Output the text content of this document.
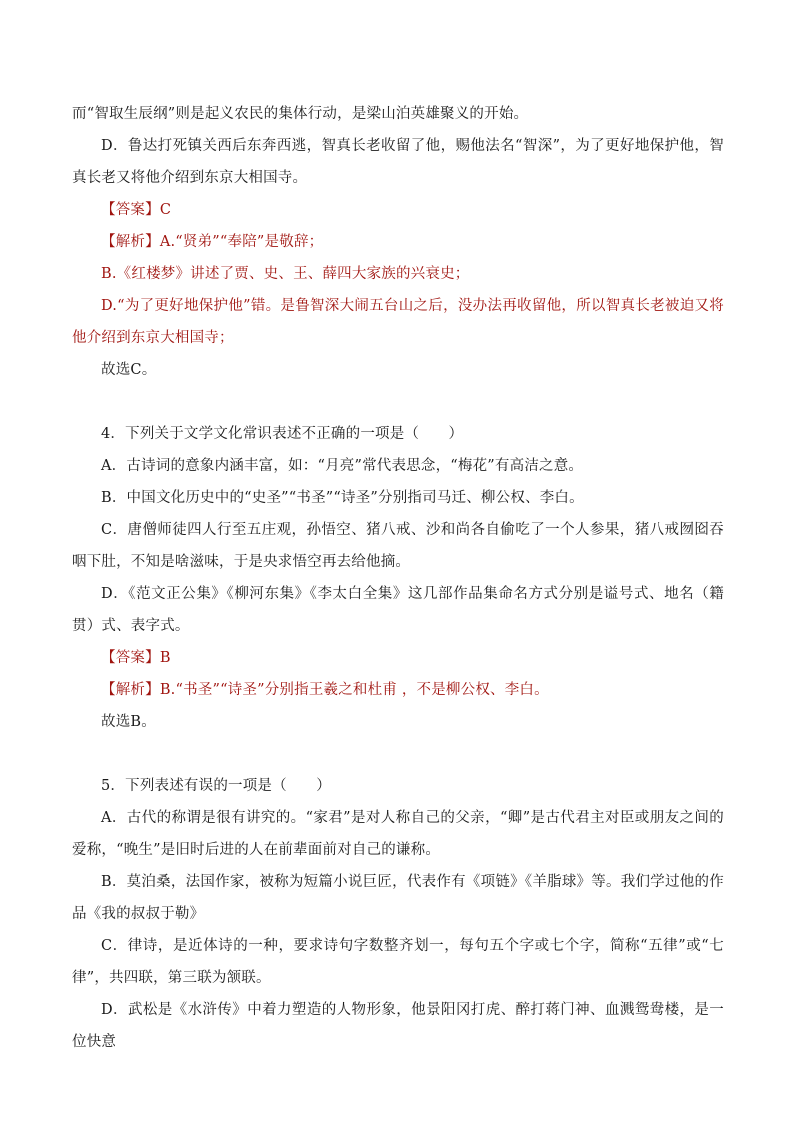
而“智取生辰纲”则是起义农民的集体行动，是梁山泊英雄聚义的开始。

D．鲁达打死镇关西后东奔西逃，智真长老收留了他，赐他法名“智深”，为了更好地保护他，智真长老又将他介绍到东京大相国寺。

【答案】C

【解析】A.“贤弟”“奉陪”是敬辞；

B.《红楼梦》讲述了贾、史、王、薛四大家族的兴衰史；

D.“为了更好地保护他”错。是鲁智深大闹五台山之后，没办法再收留他，所以智真长老被迫又将他介绍到东京大相国寺；

故选C。

4．下列关于文学文化常识表述不正确的一项是（　　）

A．古诗词的意象内涵丰富，如：“月亮”常代表思念，“梅花”有高洁之意。

B．中国文化历史中的“史圣”“书圣”“诗圣”分别指司马迁、柳公权、李白。

C．唐僧师徒四人行至五庄观，孙悟空、猪八戒、沙和尚各自偷吃了一个人参果，猪八戒囫囵吞咽下肚，不知是啥滋味，于是央求悟空再去给他摘。

D．《范文正公集》《柳河东集》《李太白全集》这几部作品集命名方式分别是谥号式、地名（籍贯）式、表字式。

【答案】B

【解析】B.“书圣”“诗圣”分别指王羲之和杜甫 ，不是柳公权、李白。

故选B。

5．下列表述有误的一项是（　　）

A．古代的称谓是很有讲究的。“家君”是对人称自己的父亲，“卿”是古代君主对臣或朋友之间的爱称，“晚生”是旧时后进的人在前辈面前对自己的谦称。

B．莫泊桑，法国作家，被称为短篇小说巨匠，代表作有《项链》《羊脂球》等。我们学过他的作品《我的叔叔于勒》

C．律诗，是近体诗的一种，要求诗句字数整齐划一，每句五个字或七个字，简称“五律”或“七律”，共四联，第三联为颔联。

D．武松是《水浒传》中着力塑造的人物形象，他景阳冈打虎、醉打蒋门神、血溅鸳鸯楼，是一位快意
